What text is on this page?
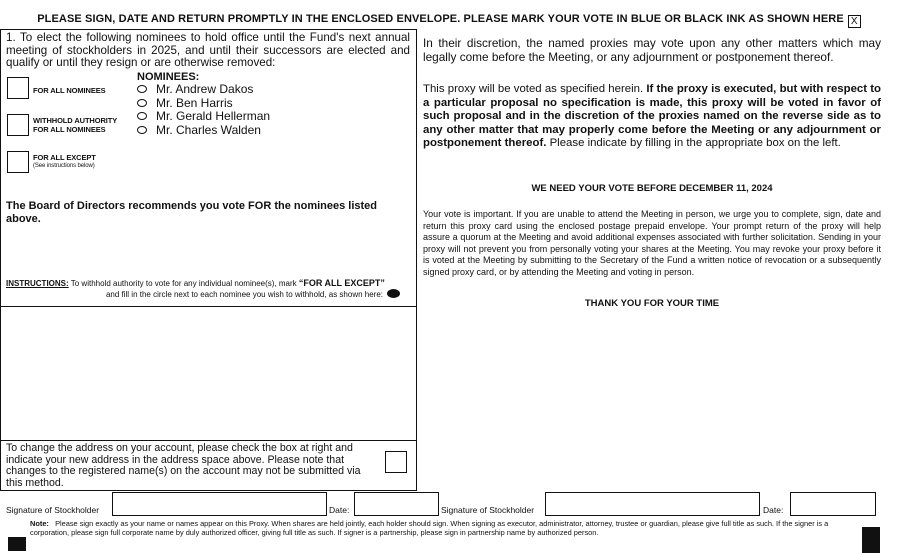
PLEASE SIGN, DATE AND RETURN PROMPTLY IN THE ENCLOSED ENVELOPE. PLEASE MARK YOUR VOTE IN BLUE OR BLACK INK AS SHOWN HERE X
1. To elect the following nominees to hold office until the Fund's next annual meeting of stockholders in 2025, and until their successors are elected and qualify or until they resign or are otherwise removed:
FOR ALL NOMINEES
WITHHOLD AUTHORITY FOR ALL NOMINEES
FOR ALL EXCEPT
(See instructions below)
NOMINEES:
Mr. Andrew Dakos
Mr. Ben Harris
Mr. Gerald Hellerman
Mr. Charles Walden
The Board of Directors recommends you vote FOR the nominees listed above.
INSTRUCTIONS: To withhold authority to vote for any individual nominee(s), mark “FOR ALL EXCEPT”
and fill in the circle next to each nominee you wish to withhold, as shown here:
To change the address on your account, please check the box at right and indicate your new address in the address space above. Please note that changes to the registered name(s) on the account may not be submitted via this method.
In their discretion, the named proxies may vote upon any other matters which may legally come before the Meeting, or any adjournment or postponement thereof.
This proxy will be voted as specified herein. If the proxy is executed, but with respect to a particular proposal no specification is made, this proxy will be voted in favor of such proposal and in the discretion of the proxies named on the reverse side as to any other matter that may properly come before the Meeting or any adjournment or postponement thereof. Please indicate by filling in the appropriate box on the left.
WE NEED YOUR VOTE BEFORE DECEMBER 11, 2024
Your vote is important. If you are unable to attend the Meeting in person, we urge you to complete, sign, date and return this proxy card using the enclosed postage prepaid envelope. Your prompt return of the proxy will help assure a quorum at the Meeting and avoid additional expenses associated with further solicitation. Sending in your proxy will not prevent you from personally voting your shares at the Meeting. You may revoke your proxy before it is voted at the Meeting by submitting to the Secretary of the Fund a written notice of revocation or a subsequently signed proxy card, or by attending the Meeting and voting in person.
THANK YOU FOR YOUR TIME
Signature of Stockholder	Date:	Signature of Stockholder	Date:
Note: Please sign exactly as your name or names appear on this Proxy. When shares are held jointly, each holder should sign. When signing as executor, administrator, attorney, trustee or guardian, please give full title as such. If the signer is a corporation, please sign full corporate name by duly authorized officer, giving full title as such. If signer is a partnership, please sign in partnership name by authorized person.
